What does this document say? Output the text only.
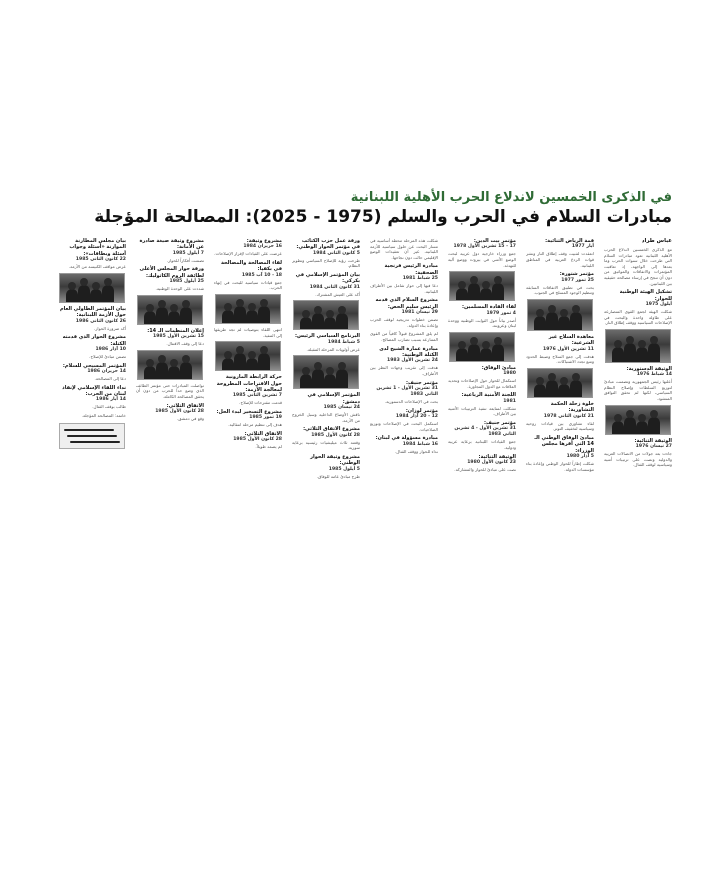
في الذكرى الخمسين لاندلاع الحرب الأهلية اللبنانية
مبادرات السلام في الحرب والسلم (1975 - 2025): المصالحة المؤجلة
عباس طراد
مع الذكرى الخمسين لاندلاع الحرب الأهلية اللبنانية تعود مبادرات السلام التي طرحت خلال سنوات الحرب وما بعدها إلى الواجهة، إذ تعاقبت المؤتمرات والاتفاقات والمواثيق من دون أن تنجح في إرساء مصالحة حقيقية بين اللبنانيين.
تشكيل الهيئة الوطنية للحوار:
أيلول 1975
شكلت الهيئة لجمع القوى المتصارعة على طاولة واحدة والبحث في الإصلاحات السياسية ووقف إطلاق النار.
الوثيقة الدستورية:
14 شباط 1976
أعلنها رئيس الجمهورية وتضمنت مبادئ لتوزيع السلطات وإصلاح النظام السياسي، لكنها لم تحقق التوافق المنشود.
الوثيقة الثنائية:
27 نيسان 1976
جاءت بعد جولات من الاتصالات العربية والدولية ونصت على ترتيبات أمنية وسياسية لوقف القتال.
قمة الرياض الثنائية:
أيار 1977
انعقدت لتثبيت وقف إطلاق النار ونشر قوات الردع العربية في المناطق اللبنانية.
مؤتمر شتورة:
25 تموز 1977
بحث في تطبيق الاتفاقات السابقة وتنظيم الوجود المسلح في الجنوب.
معاهدة السلاح غير الشرعية:
11 تشرين الأول 1976
هدفت إلى جمع السلاح وضبط الحدود ومنع تجدد الاشتباكات.
خلوة زحلة الحكمة التشاورية:
21 كانون الثاني 1978
لقاء تشاوري بين قيادات روحية وسياسية لتخفيف التوتر.
مبادئ الوفاق الوطني الـ 14 التي أقرها مجلس الوزراء:
5 آذار 1980
شكلت إطاراً للحوار الوطني وإعادة بناء مؤسسات الدولة.
مؤتمر بيت الدين:
17 - 15 تشرين الأول 1978
جمع وزراء خارجية دول عربية لبحث الوضع الأمني في بيروت ووضع آلية للتهدئة.
لقاء القادة المسلمين:
4 تموز 1979
أصدر بياناً حول الثوابت الوطنية ووحدة لبنان وعروبته.
مبادئ الوفاق:
1980
استكمال للحوار حول الإصلاحات وتحديد العلاقات مع الدول المجاورة.
اللجنة الأمنية الرباعية:
1981
تشكلت لمتابعة تنفيذ الترتيبات الأمنية بين الأطراف.
مؤتمر جنيف:
31 تشرين الأول - 4 تشرين الثاني 1983
جمع القيادات اللبنانية برعاية عربية ودولية.
الوثيقة الثنائية:
23 كانون الأول 1980
نصت على مبادئ للحوار والمشاركة.
شكلت هذه المرحلة محطة أساسية في مسار البحث عن حلول سياسية للأزمة اللبنانية، غير أن تعقيدات الوضع الإقليمي حالت دون نجاحها.
مبادرة الرئيس فرنجية الصحفية:
25 شباط 1981
دعا فيها إلى حوار شامل بين الأطراف اللبنانية.
مشروع السلام الذي قدمه الرئيس سليم الحص:
29 نيسان 1981
تضمن خطوات تدريجية لوقف الحرب وإعادة بناء الدولة.
لم يلق المشروع قبولاً كافياً من القوى المتنازعة بسبب تضارب المصالح.
مبادرة عمارة الشيخ لدى الكتلة الوطنية:
24 تشرين الأول 1983
هدفت إلى تقريب وجهات النظر بين الأطراف.
مؤتمر جنيف:
31 تشرين الأول - 1 تشرين الثاني 1983
بحث في الإصلاحات الدستورية.
مؤتمر لوزان:
12 - 20 آذار 1984
استكمل البحث في الإصلاحات وتوزيع الصلاحيات.
مبادرة مسؤولة في لبنان:
16 شباط 1984
نداء للحوار ووقف القتال.
ورقة عمل حزب الكتائب في مؤتمر الحوار الوطني:
5 كانون الثاني 1984
طرحت رؤية للإصلاح السياسي وتطوير النظام.
بيان المؤتمر الإسلامي في بكركي:
31 كانون الثاني 1984
أكد على العيش المشترك.
البرنامج السياسي الرئيس:
5 شباط 1984
عرض أولويات المرحلة المقبلة.
المؤتمر الإسلامي في دمشق:
24 نيسان 1985
ناقش الأوضاع الداخلية وسبل الخروج من الأزمة.
مشروع الاتفاق الثلاثي:
28 كانون الأول 1985
وقعته ثلاث ميليشيات رئيسية برعاية سورية.
مشروع وثيقة الحوار الوطني:
5 أيلول 1985
طرح مبادئ عامة للوفاق.
مشروع وثيقة:
16 حزيران 1984
عرضت على القيادات لإقرار الإصلاحات.
لقاء المصالحة والمصالحة في بكفيا:
18 - 10 آب 1985
جمع قيادات سياسية للبحث في إنهاء الحرب.
انتهى اللقاء بتوصيات لم تجد طريقها إلى التنفيذ.
حركة الرابطة المارونية حول الاقتراحات المطروحة لمعالجة الأزمة:
7 تشرين الثاني 1985
قدمت مقترحات للإصلاح.
مشروع التسخير لبدء الحل:
19 تموز 1985
هدف إلى تنظيم مرحلة انتقالية.
الاتفاق الثلاثي:
28 كانون الأول 1985
لم يصمد طويلاً.
مشروع وثيقة صيغة صادرة عن الأمانة:
7 أيلول 1985
تضمنت أفكاراً للحوار.
ورقة حوار المجلس الأعلى لطائفة الروم الكاثوليك:
25 أيلول 1985
شددت على الوحدة الوطنية.
إعلان المنظمات الـ 14:
15 تشرين الأول 1985
دعا إلى وقف الاقتتال.
تواصلت المبادرات حتى مؤتمر الطائف الذي وضع حداً للحرب من دون أن يحقق المصالحة الكاملة.
الاتفاق الثلاثي:
28 كانون الأول 1985
وقع في دمشق.
بيان مجلس المطارنة الموارنة «أسئلة وجواب أسئلة وبطاقات»:
22 كانون الثاني 1985
عرض مواقف الكنيسة من الأزمة.
بيان المؤتمر الطاولي العام حول الأزمة اللبنانية:
26 كانون الثاني 1986
أكد ضرورة الحوار.
مشروع الحوار الذي قدمته الكتلة:
10 آذار 1986
تضمن مبادئ للإصلاح.
المؤتمر المسيحي للسلام:
14 حزيران 1986
دعا إلى المصالحة.
نداء اللقاء الإسلامي لإنقاذ لبنان من الحرب:
14 أيار 1986
طالب بوقف القتال.
خاتمة: المصالحة المؤجلة.
